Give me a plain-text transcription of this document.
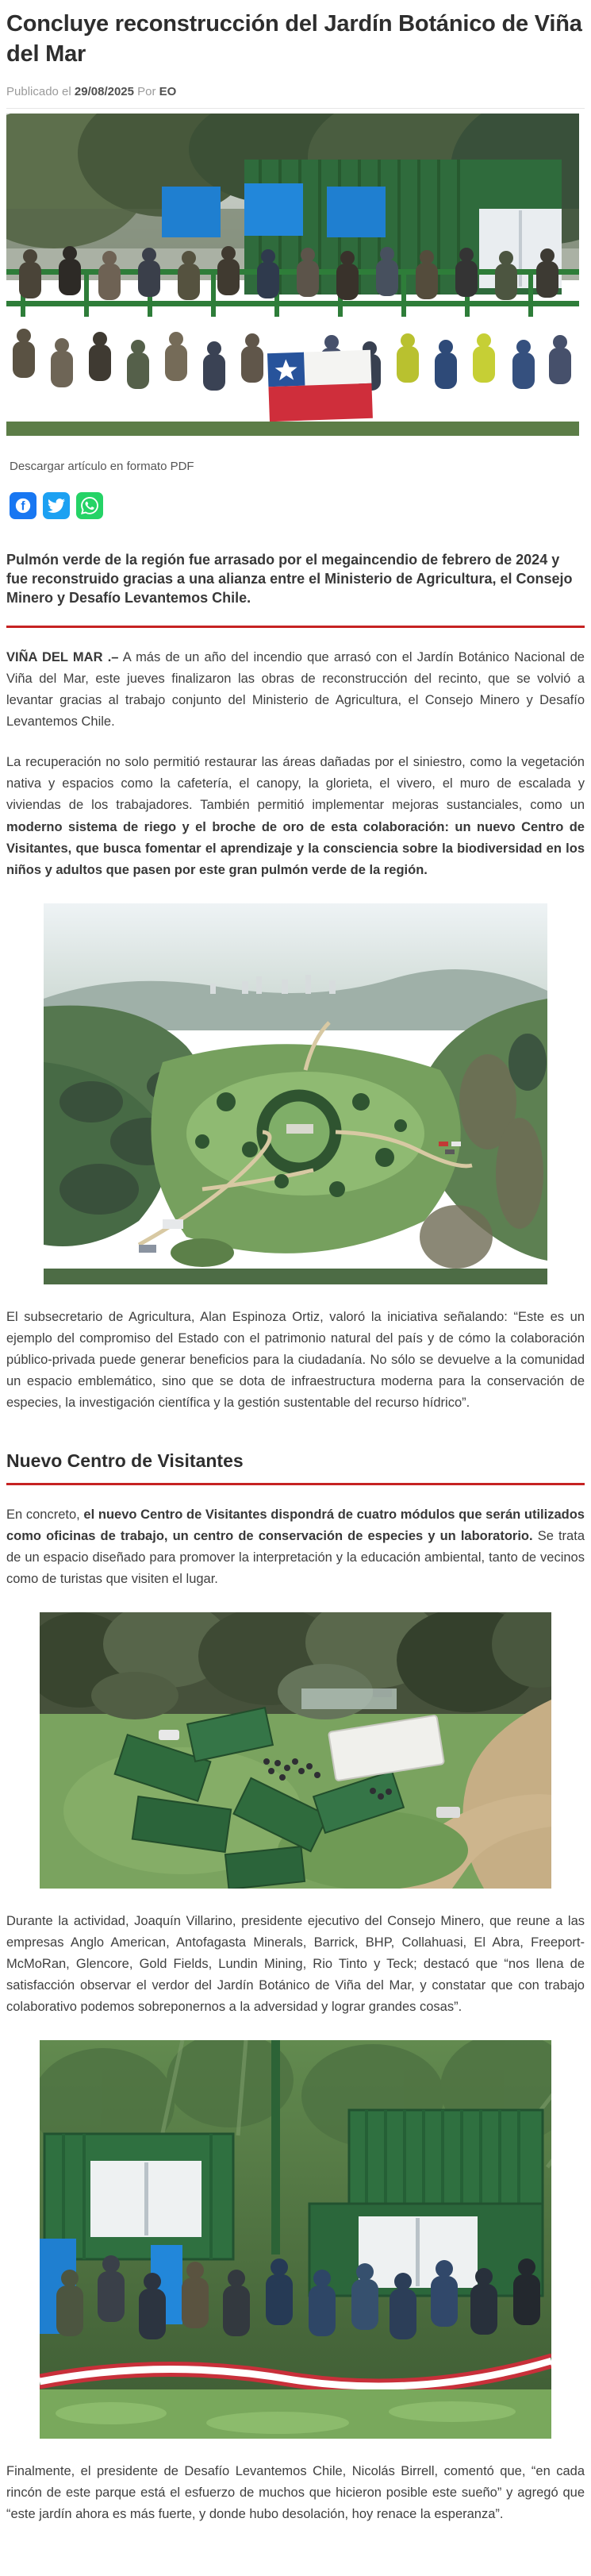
Concluye reconstrucción del Jardín Botánico de Viña del Mar

Publicado el 29/08/2025 Por EO

Descargar artículo en formato PDF
f

Pulmón verde de la región fue arrasado por el megaincendio de febrero de 2024 y fue reconstruido gracias a una alianza entre el Ministerio de Agricultura, el Consejo Minero y Desafío Levantemos Chile.

VIÑA DEL MAR .– A más de un año del incendio que arrasó con el Jardín Botánico Nacional de Viña del Mar, este jueves finalizaron las obras de reconstrucción del recinto, que se volvió a levantar gracias al trabajo conjunto del Ministerio de Agricultura, el Consejo Minero y Desafío Levantemos Chile.

La recuperación no solo permitió restaurar las áreas dañadas por el siniestro, como la vegetación nativa y espacios como la cafetería, el canopy, la glorieta, el vivero, el muro de escalada y viviendas de los trabajadores. También permitió implementar mejoras sustanciales, como un moderno sistema de riego y el broche de oro de esta colaboración: un nuevo Centro de Visitantes, que busca fomentar el aprendizaje y la consciencia sobre la biodiversidad en los niños y adultos que pasen por este gran pulmón verde de la región.

El subsecretario de Agricultura, Alan Espinoza Ortiz, valoró la iniciativa señalando: “Este es un ejemplo del compromiso del Estado con el patrimonio natural del país y de cómo la colaboración público-privada puede generar beneficios para la ciudadanía. No sólo se devuelve a la comunidad un espacio emblemático, sino que se dota de infraestructura moderna para la conservación de especies, la investigación científica y la gestión sustentable del recurso hídrico”.

Nuevo Centro de Visitantes

En concreto, el nuevo Centro de Visitantes dispondrá de cuatro módulos que serán utilizados como oficinas de trabajo, un centro de conservación de especies y un laboratorio. Se trata de un espacio diseñado para promover la interpretación y la educación ambiental, tanto de vecinos como de turistas que visiten el lugar.

Durante la actividad, Joaquín Villarino, presidente ejecutivo del Consejo Minero, que reune a las empresas Anglo American, Antofagasta Minerals, Barrick, BHP, Collahuasi, El Abra, Freeport-McMoRan, Glencore, Gold Fields, Lundin Mining, Rio Tinto y Teck; destacó que “nos llena de satisfacción observar el verdor del Jardín Botánico de Viña del Mar, y constatar que con trabajo colaborativo podemos sobreponernos a la adversidad y lograr grandes cosas”.

Finalmente, el presidente de Desafío Levantemos Chile, Nicolás Birrell, comentó que, “en cada rincón de este parque está el esfuerzo de muchos que hicieron posible este sueño” y agregó que “este jardín ahora es más fuerte, y donde hubo desolación, hoy renace la esperanza”.
